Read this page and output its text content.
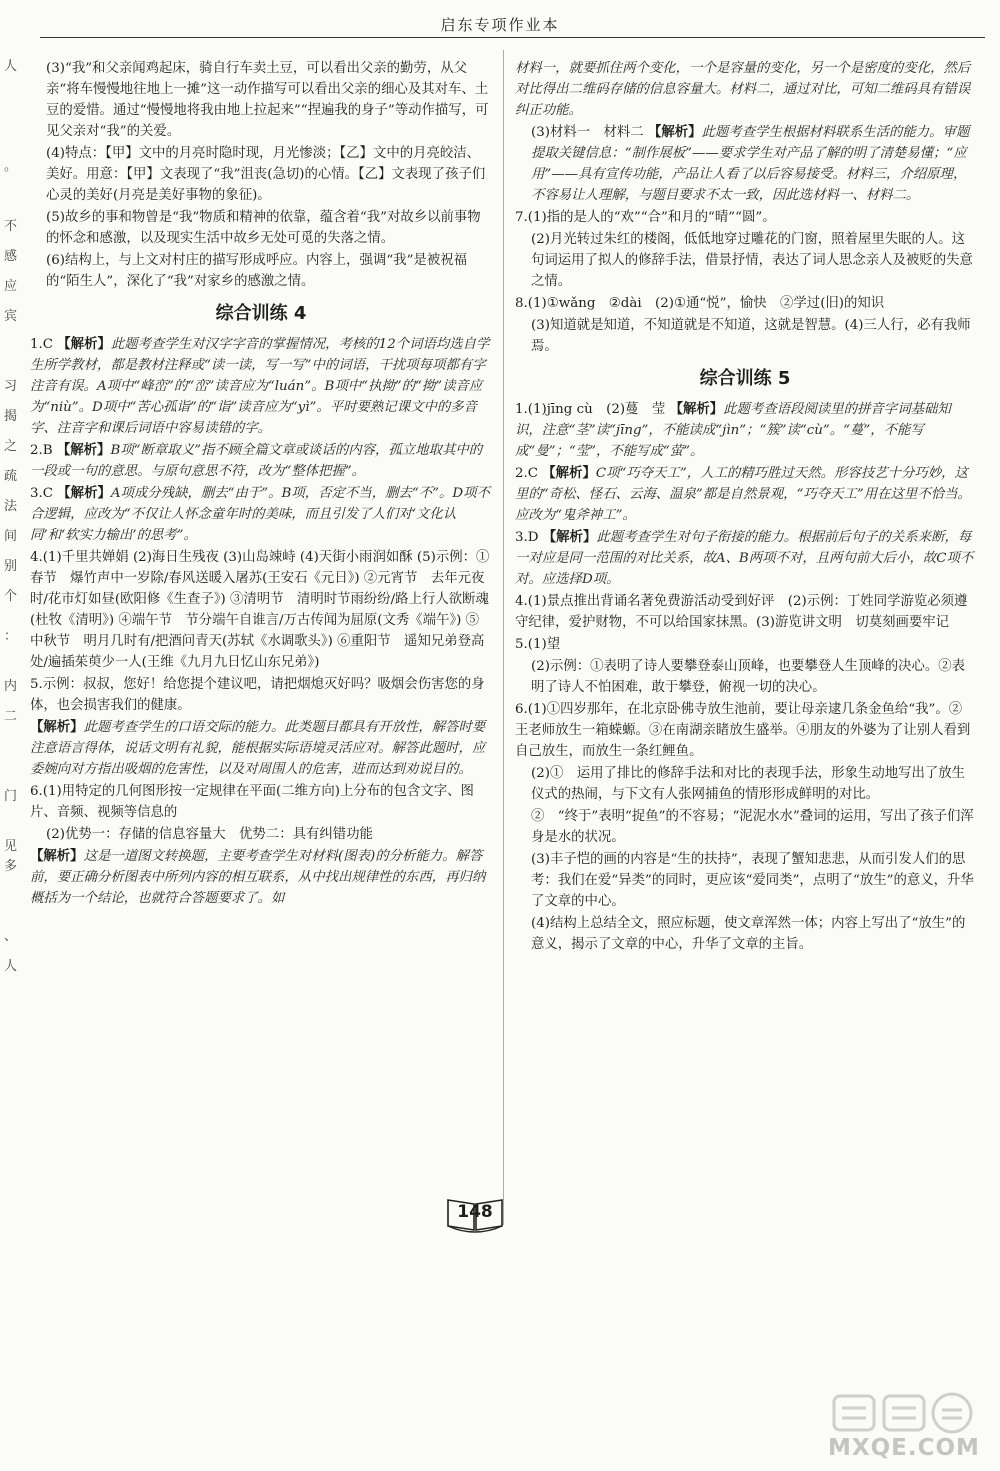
启东专项作业本
人
。
不
感
应
宾
习
揭
之
疏
法
间
别
个
：
内
二
门
见
多
、
人
(3)“我”和父亲闻鸡起床，骑自行车卖土豆，可以看出父亲的勤劳，从父亲“将车慢慢地往地上一摊”这一动作描写可以看出父亲的细心及其对车、土豆的爱惜。通过“慢慢地将我由地上拉起来”“捏遍我的身子”等动作描写，可见父亲对“我”的关爱。
(4)特点：【甲】文中的月亮时隐时现，月光惨淡；【乙】文中的月亮皎洁、美好。用意：【甲】文表现了“我”沮丧(急切)的心情。【乙】文表现了孩子们心灵的美好(月亮是美好事物的象征)。
(5)故乡的事和物曾是“我”物质和精神的依靠，蕴含着“我”对故乡以前事物的怀念和感激，以及现实生活中故乡无处可觅的失落之情。
(6)结构上，与上文对村庄的描写形成呼应。内容上，强调“我”是被祝福的“陌生人”，深化了“我”对家乡的感激之情。
综合训练 4
1.C 【解析】此题考查学生对汉字字音的掌握情况，考核的12个词语均选自学生所学教材，都是教材注释或“读一读，写一写”中的词语，干扰项每项都有字注音有误。A项中“峰峦”的“峦”读音应为“luán”。B项中“执拗”的“拗”读音应为“niù”。D项中“苦心孤诣”的“诣”读音应为“yì”。平时要熟记课文中的多音字、注音字和课后词语中容易读错的字。
2.B 【解析】B项“断章取义”指不顾全篇文章或谈话的内容，孤立地取其中的一段或一句的意思。与原句意思不符，改为“整体把握”。
3.C 【解析】A项成分残缺，删去“由于”。B项，否定不当，删去“不”。D项不合逻辑，应改为“不仅让人怀念童年时的美味，而且引发了人们对‘文化认同’和‘软实力输出’的思考”。
4.(1)千里共婵娟 (2)海日生残夜 (3)山岛竦峙 (4)天街小雨润如酥 (5)示例：①春节　爆竹声中一岁除/春风送暖入屠苏(王安石《元日》) ②元宵节　去年元夜时/花市灯如昼(欧阳修《生查子》) ③清明节　清明时节雨纷纷/路上行人欲断魂(杜牧《清明》) ④端午节　节分端午自谁言/万古传闻为屈原(文秀《端午》) ⑤中秋节　明月几时有/把酒问青天(苏轼《水调歌头》) ⑥重阳节　遥知兄弟登高处/遍插茱萸少一人(王维《九月九日忆山东兄弟》)
5.示例：叔叔，您好！给您提个建议吧，请把烟熄灭好吗？吸烟会伤害您的身体，也会损害我们的健康。
【解析】此题考查学生的口语交际的能力。此类题目都具有开放性，解答时要注意语言得体，说话文明有礼貌，能根据实际语境灵活应对。解答此题时，应委婉向对方指出吸烟的危害性，以及对周围人的危害，进而达到劝说目的。
6.(1)用特定的几何图形按一定规律在平面(二维方向)上分布的包含文字、图片、音频、视频等信息的
(2)优势一：存储的信息容量大　优势二：具有纠错功能
【解析】这是一道图文转换题，主要考查学生对材料(图表)的分析能力。解答前，要正确分析图表中所列内容的相互联系，从中找出规律性的东西，再归纳概括为一个结论，也就符合答题要求了。如
材料一，就要抓住两个变化，一个是容量的变化，另一个是密度的变化，然后对比得出二维码存储的信息容量大。材料二，通过对比，可知二维码具有错误纠正功能。
(3)材料一　材料二 【解析】此题考查学生根据材料联系生活的能力。审题提取关键信息：“制作展板”——要求学生对产品了解的明了清楚易懂；“应用”——具有宣传功能，产品让人看了以后容易接受。材料三，介绍原理，不容易让人理解，与题目要求不太一致，因此选材料一、材料二。
7.(1)指的是人的“欢”“合”和月的“晴”“圆”。
(2)月光转过朱红的楼阁，低低地穿过雕花的门窗，照着屋里失眠的人。这句词运用了拟人的修辞手法，借景抒情，表达了词人思念亲人及被贬的失意之情。
8.(1)①wǎng　②dài　(2)①通“悦”，愉快　②学过(旧)的知识
(3)知道就是知道，不知道就是不知道，这就是智慧。(4)三人行，必有我师焉。
综合训练 5
1.(1)jīng cù　(2)蔓　莹 【解析】此题考查语段阅读里的拼音字词基础知识，注意“茎”读“jīng”，不能读成“jìn”；“簇”读“cù”。“蔓”，不能写成“曼”；“莹”，不能写成“萤”。
2.C 【解析】C项“巧夺天工”，人工的精巧胜过天然。形容技艺十分巧妙，这里的“奇松、怪石、云海、温泉”都是自然景观，“巧夺天工”用在这里不恰当。应改为“鬼斧神工”。
3.D 【解析】此题考查学生对句子衔接的能力。根据前后句子的关系来断，每一对应是同一范围的对比关系，故A、B两项不对，且两句前大后小，故C项不对。应选择D项。
4.(1)景点推出背诵名著免费游活动受到好评　(2)示例：丁姓同学游览必须遵守纪律，爱护财物，不可以给国家抹黑。(3)游览讲文明　切莫刻画要牢记
5.(1)望
(2)示例：①表明了诗人要攀登泰山顶峰，也要攀登人生顶峰的决心。②表明了诗人不怕困难，敢于攀登，俯视一切的决心。
6.(1)①四岁那年，在北京卧佛寺放生池前，要让母亲逮几条金鱼给“我”。②王老师放生一箱蝾螈。③在南湖亲睹放生盛举。④朋友的外婆为了让别人看到自己放生，而放生一条红鲤鱼。
(2)①　运用了排比的修辞手法和对比的表现手法，形象生动地写出了放生仪式的热闹，与下文有人张网捕鱼的情形形成鲜明的对比。
②　“终于”表明“捉鱼”的不容易；“泥泥水水”叠词的运用，写出了孩子们浑身是水的状况。
(3)丰子恺的画的内容是“生的扶持”，表现了蟹知悲悲，从而引发人们的思考：我们在爱“异类”的同时，更应该“爱同类”，点明了“放生”的意义，升华了文章的中心。
(4)结构上总结全文，照应标题，使文章浑然一体；内容上写出了“放生”的意义，揭示了文章的中心，升华了文章的主旨。
148
MXQE.COM
